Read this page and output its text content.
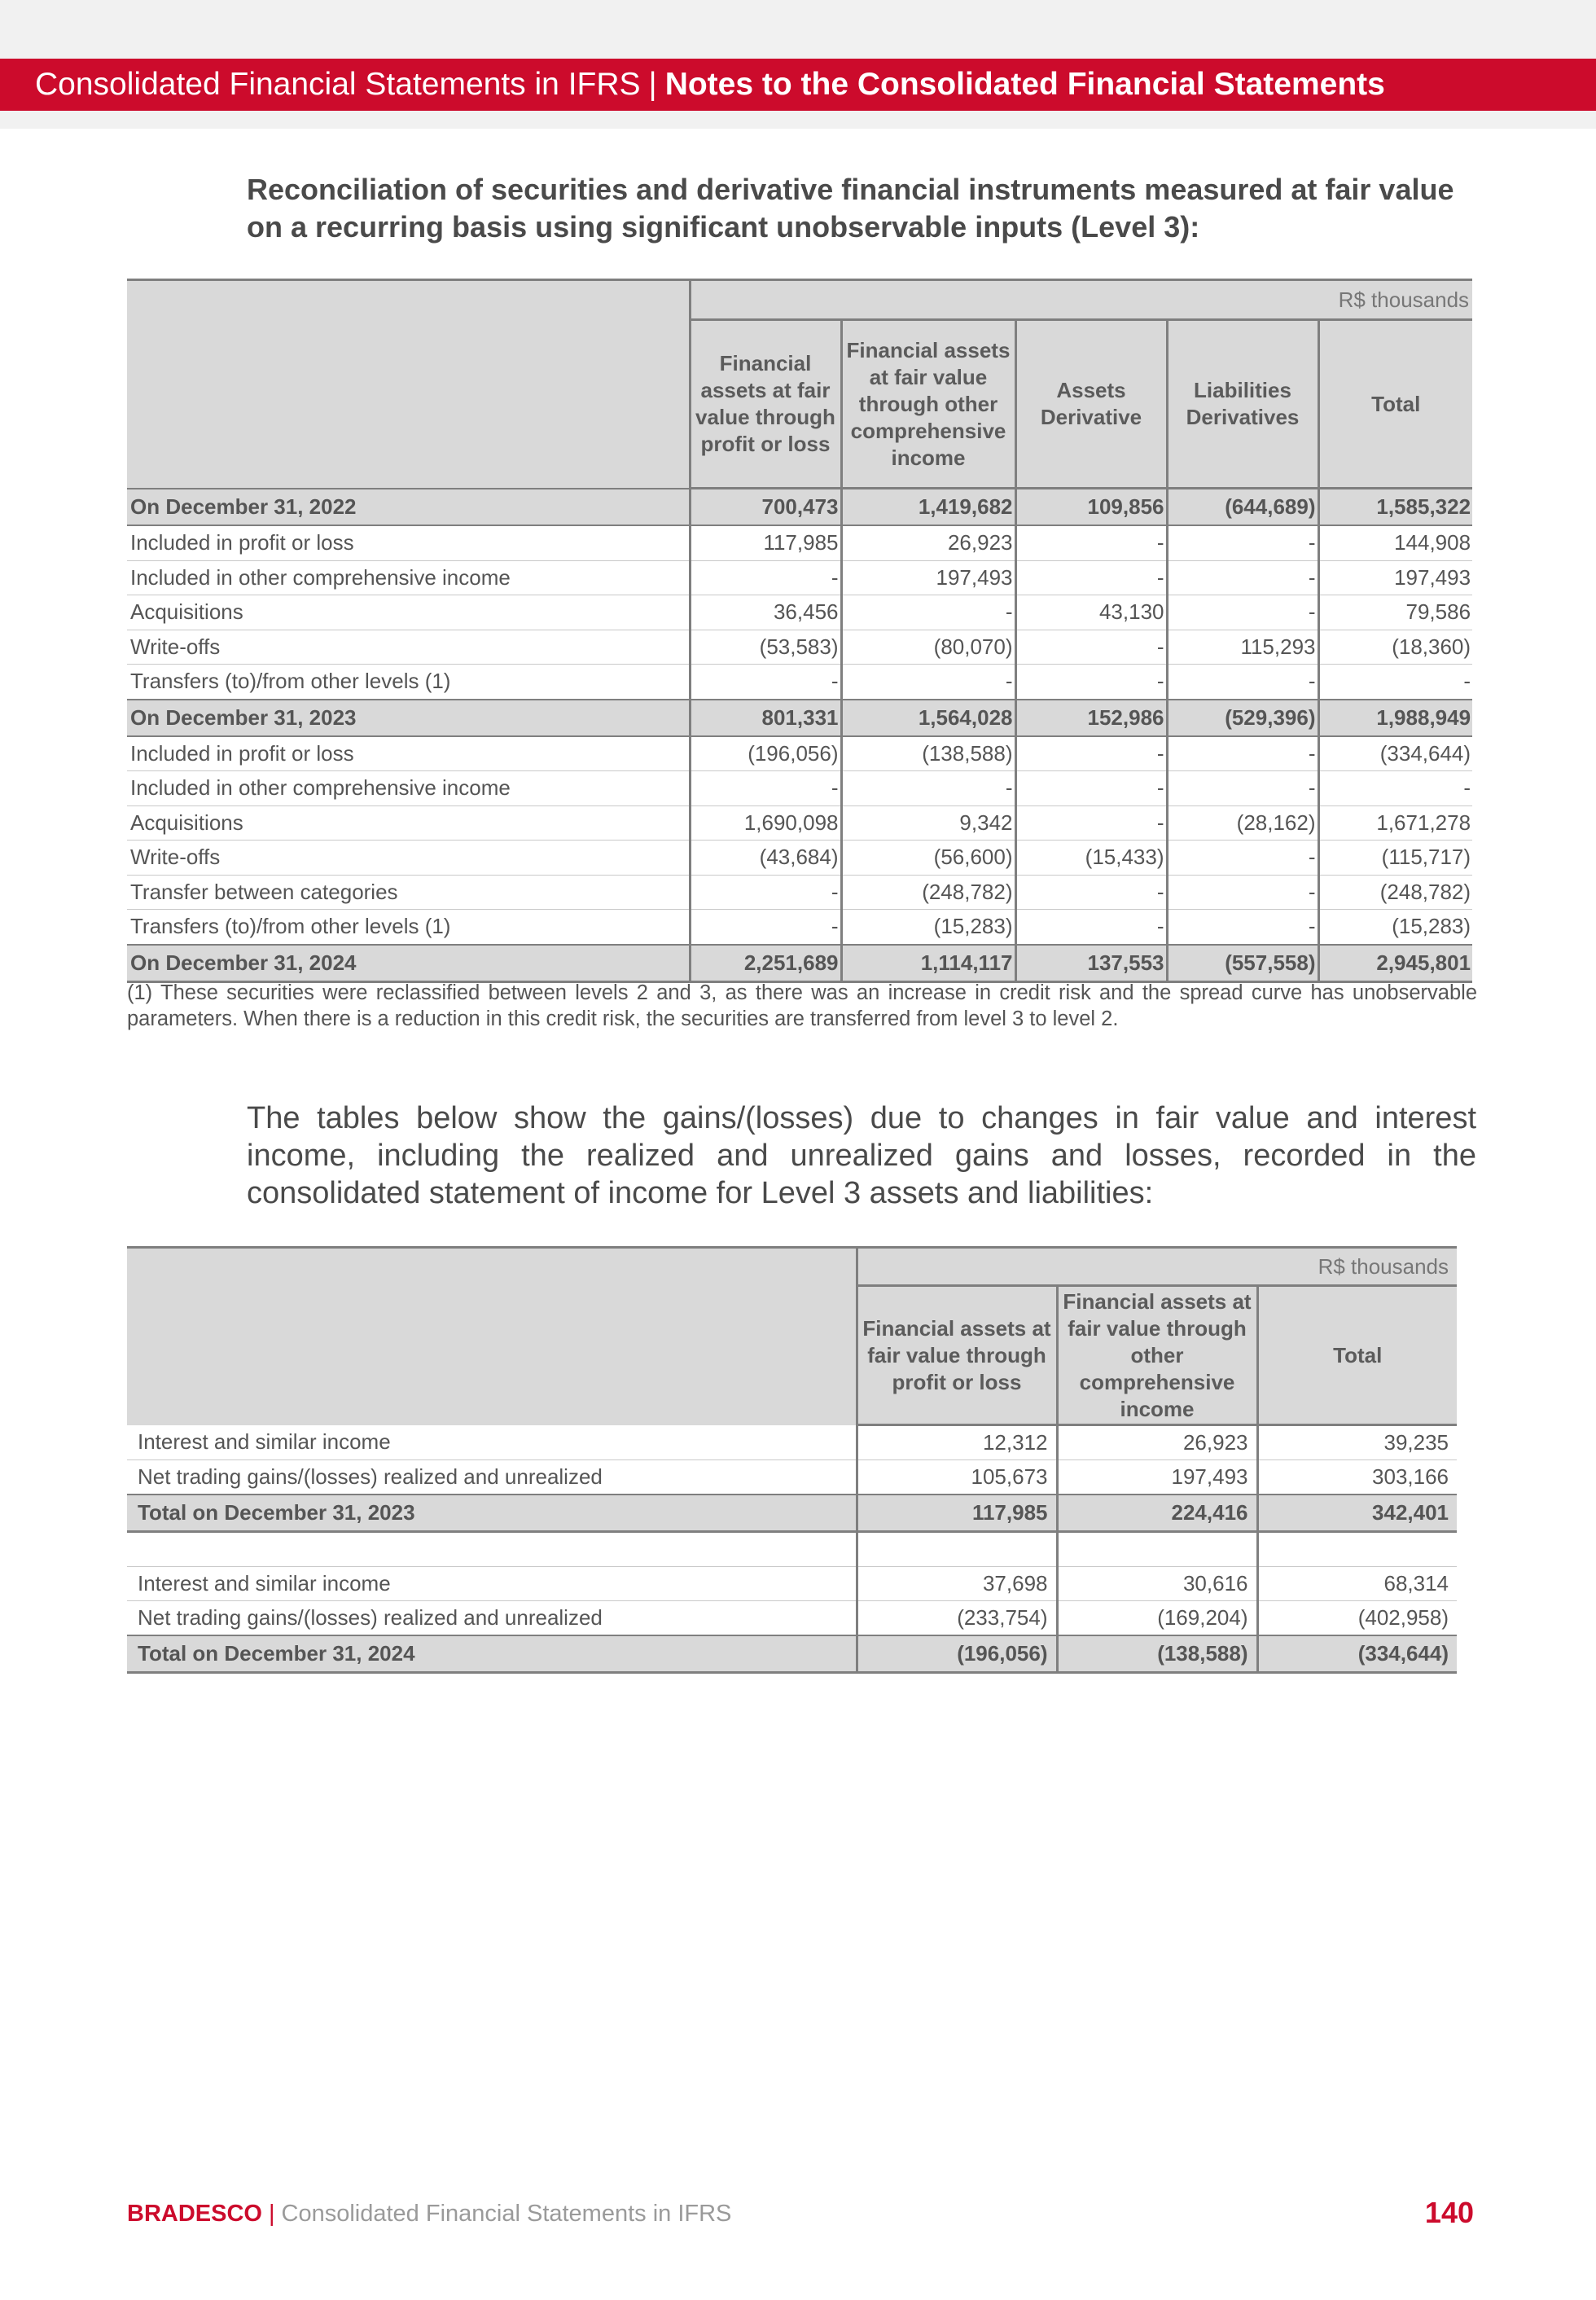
Consolidated Financial Statements in IFRS | Notes to the Consolidated Financial Statements
Reconciliation of securities and derivative financial instruments measured at fair value on a recurring basis using significant unobservable inputs (Level 3):
	R$ thousands				
	Financial assets at fair value through profit or loss	Financial assets at fair value through other comprehensive income	Assets Derivative	Liabilities Derivatives	Total
On December 31, 2022	700,473	1,419,682	109,856	(644,689)	1,585,322
Included in profit or loss	117,985	26,923	-	-	144,908
Included in other comprehensive income	-	197,493	-	-	197,493
Acquisitions	36,456	-	43,130	-	79,586
Write-offs	(53,583)	(80,070)	-	115,293	(18,360)
Transfers (to)/from other levels (1)	-	-	-	-	-
On December 31, 2023	801,331	1,564,028	152,986	(529,396)	1,988,949
Included in profit or loss	(196,056)	(138,588)	-	-	(334,644)
Included in other comprehensive income	-	-	-	-	-
Acquisitions	1,690,098	9,342	-	(28,162)	1,671,278
Write-offs	(43,684)	(56,600)	(15,433)	-	(115,717)
Transfer between categories	-	(248,782)	-	-	(248,782)
Transfers (to)/from other levels (1)	-	(15,283)	-	-	(15,283)
On December 31, 2024	2,251,689	1,114,117	137,553	(557,558)	2,945,801
(1) These securities were reclassified between levels 2 and 3, as there was an increase in credit risk and the spread curve has unobservable parameters. When there is a reduction in this credit risk, the securities are transferred from level 3 to level 2.
The tables below show the gains/(losses) due to changes in fair value and interest income, including the realized and unrealized gains and losses, recorded in the consolidated statement of income for Level 3 assets and liabilities:
	R$ thousands		
	Financial assets at fair value through profit or loss	Financial assets at fair value through other comprehensive income	Total
Interest and similar income	12,312	26,923	39,235
Net trading gains/(losses) realized and unrealized	105,673	197,493	303,166
Total on December 31, 2023	117,985	224,416	342,401

Interest and similar income	37,698	30,616	68,314
Net trading gains/(losses) realized and unrealized	(233,754)	(169,204)	(402,958)
Total on December 31, 2024	(196,056)	(138,588)	(334,644)
BRADESCO | Consolidated Financial Statements in IFRS	140
